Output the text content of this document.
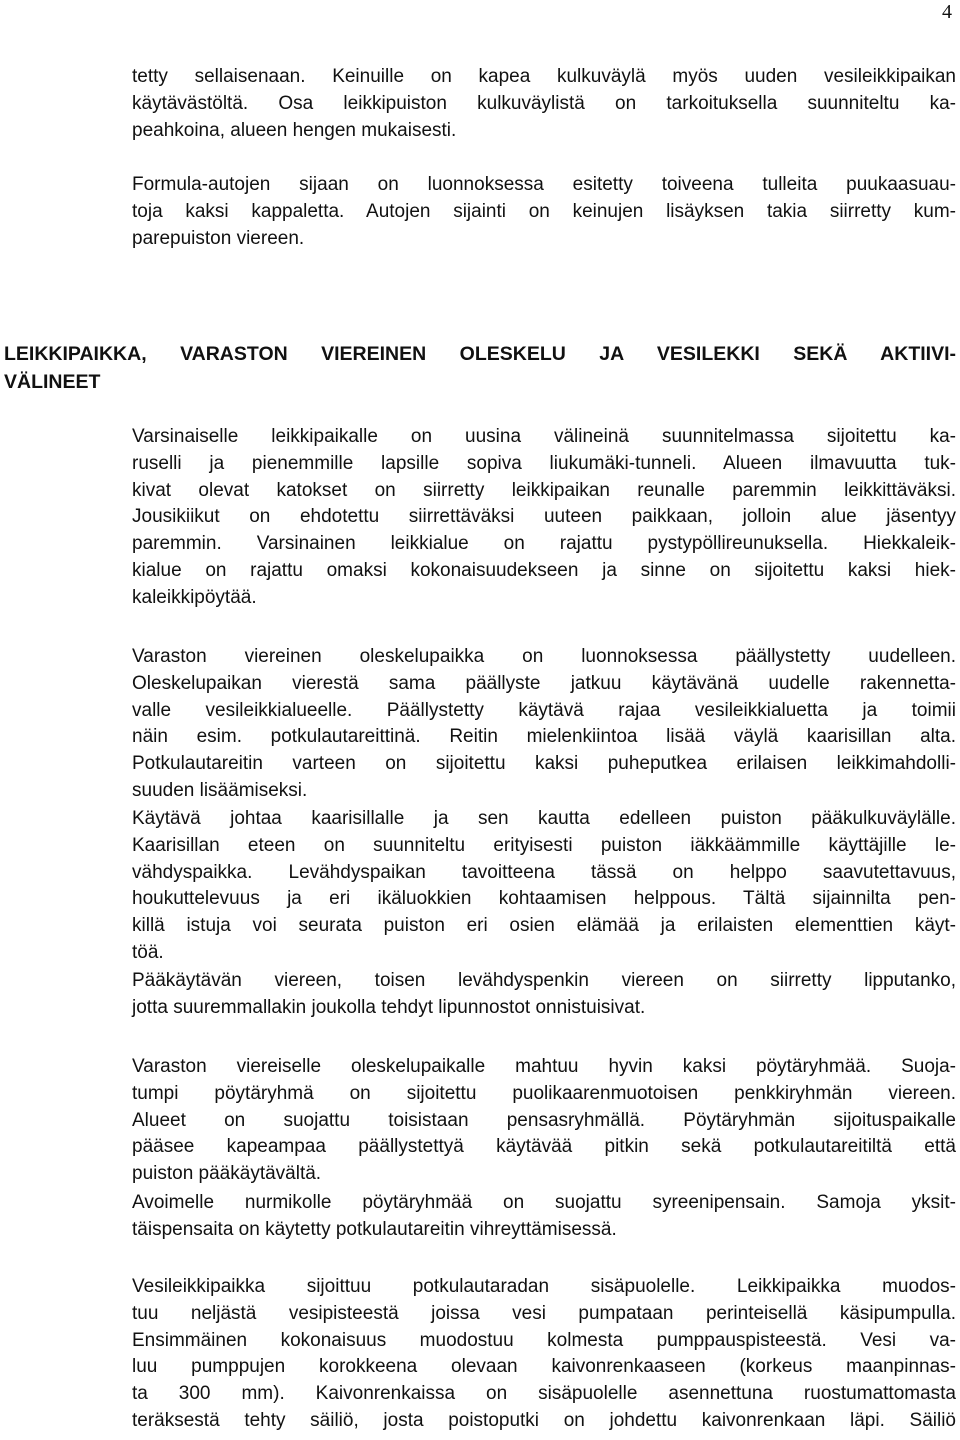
4
tetty sellaisenaan. Keinuille on kapea kulkuväylä myös uuden vesileikkipaikan
käytävästöltä. Osa leikkipuiston kulkuväylistä on tarkoituksella suunniteltu ka-
peahkoina, alueen hengen mukaisesti.
Formula-autojen sijaan on luonnoksessa esitetty toiveena tulleita puukaasuau-
toja kaksi kappaletta. Autojen sijainti on keinujen lisäyksen takia siirretty kum-
parepuiston viereen.
LEIKKIPAIKKA, VARASTON VIEREINEN OLESKELU JA VESILEKKI SEKÄ AKTIIVI-
VÄLINEET
Varsinaiselle leikkipaikalle on uusina välineinä suunnitelmassa sijoitettu ka-
ruselli ja pienemmille lapsille sopiva liukumäki-tunneli. Alueen ilmavuutta tuk-
kivat olevat katokset on siirretty leikkipaikan reunalle paremmin leikkittäväksi.
Jousikiikut on ehdotettu siirrettäväksi uuteen paikkaan, jolloin alue jäsentyy
paremmin. Varsinainen leikkialue on rajattu pystypöllireunuksella. Hiekkaleik-
kialue on rajattu omaksi kokonaisuudekseen ja sinne on sijoitettu kaksi hiek-
kaleikkipöytää.
Varaston viereinen oleskelupaikka on luonnoksessa päällystetty uudelleen.
Oleskelupaikan vierestä sama päällyste jatkuu käytävänä uudelle rakennetta-
valle vesileikkialueelle. Päällystetty käytävä rajaa vesileikkialuetta ja toimii
näin esim. potkulautareittinä. Reitin mielenkiintoa lisää väylä kaarisillan alta.
Potkulautareitin varteen on sijoitettu kaksi puheputkea erilaisen leikkimahdolli-
suuden lisäämiseksi.
Käytävä johtaa kaarisillalle ja sen kautta edelleen puiston pääkulkuväylälle.
Kaarisillan eteen on suunniteltu erityisesti puiston iäkkäämmille käyttäjille le-
vähdyspaikka. Levähdyspaikan tavoitteena tässä on helppo saavutettavuus,
houkuttelevuus ja eri ikäluokkien kohtaamisen helppous. Tältä sijainnilta pen-
killä istuja voi seurata puiston eri osien elämää ja erilaisten elementtien käyt-
töä.
Pääkäytävän viereen, toisen levähdyspenkin viereen on siirretty lipputanko,
jotta suuremmallakin joukolla tehdyt lipunnostot onnistuisivat.
Varaston viereiselle oleskelupaikalle mahtuu hyvin kaksi pöytäryhmää. Suoja-
tumpi pöytäryhmä on sijoitettu puolikaarenmuotoisen penkkiryhmän viereen.
Alueet on suojattu toisistaan pensasryhmällä. Pöytäryhmän sijoituspaikalle
pääsee kapeampaa päällystettyä käytävää pitkin sekä potkulautareitiltä että
puiston pääkäytävältä.
Avoimelle nurmikolle pöytäryhmää on suojattu syreenipensain. Samoja yksit-
täispensaita on käytetty potkulautareitin vihreyttämisessä.
Vesileikkipaikka sijoittuu potkulautaradan sisäpuolelle. Leikkipaikka muodos-
tuu neljästä vesipisteestä joissa vesi pumpataan perinteisellä käsipumpulla.
Ensimmäinen kokonaisuus muodostuu kolmesta pumppauspisteestä. Vesi va-
luu pumppujen korokkeena olevaan kaivonrenkaaseen (korkeus maanpinnas-
ta 300 mm). Kaivonrenkaissa on sisäpuolelle asennettuna ruostumattomasta
teräksestä tehty säiliö, josta poistoputki on johdettu kaivonrenkaan läpi. Säiliö
